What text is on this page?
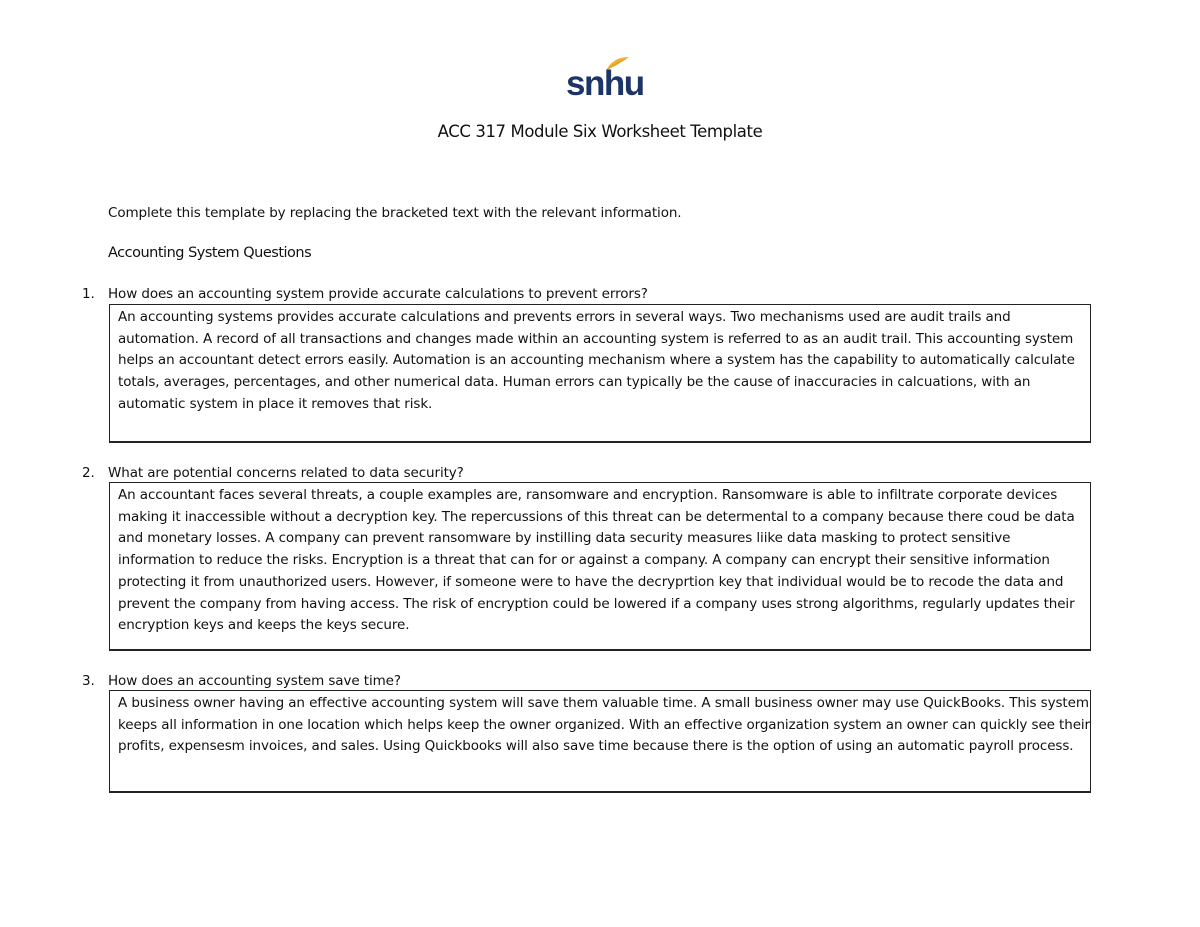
snhu
ACC 317 Module Six Worksheet Template
Complete this template by replacing the bracketed text with the relevant information.
Accounting System Questions
1. How does an accounting system provide accurate calculations to prevent errors?
An accounting systems provides accurate calculations and prevents errors in several ways. Two mechanisms used are audit trails and automation. A record of all transactions and changes made within an accounting system is referred to as an audit trail. This accounting system helps an accountant detect errors easily. Automation is an accounting mechanism where a system has the capability to automatically calculate totals, averages, percentages, and other numerical data. Human errors can typically be the cause of inaccuracies in calcuations, with an automatic system in place it removes that risk.
2. What are potential concerns related to data security?
An accountant faces several threats, a couple examples are, ransomware and encryption. Ransomware is able to infiltrate corporate devices making it inaccessible without a decryption key. The repercussions of this threat can be determental to a company because there coud be data and monetary losses. A company can prevent ransomware by instilling data security measures liike data masking to protect sensitive information to reduce the risks. Encryption is a threat that can for or against a company. A company can encrypt their sensitive information protecting it from unauthorized users. However, if someone were to have the decryprtion key that individual would be to recode the data and prevent the company from having access. The risk of encryption could be lowered if a company uses strong algorithms, regularly updates their encryption keys and keeps the keys secure.
3. How does an accounting system save time?
A business owner having an effective accounting system will save them valuable time. A small business owner may use QuickBooks. This system keeps all information in one location which helps keep the owner organized. With an effective organization system an owner can quickly see their profits, expensesm invoices, and sales. Using Quickbooks will also save time because there is the option of using an automatic payroll process.
